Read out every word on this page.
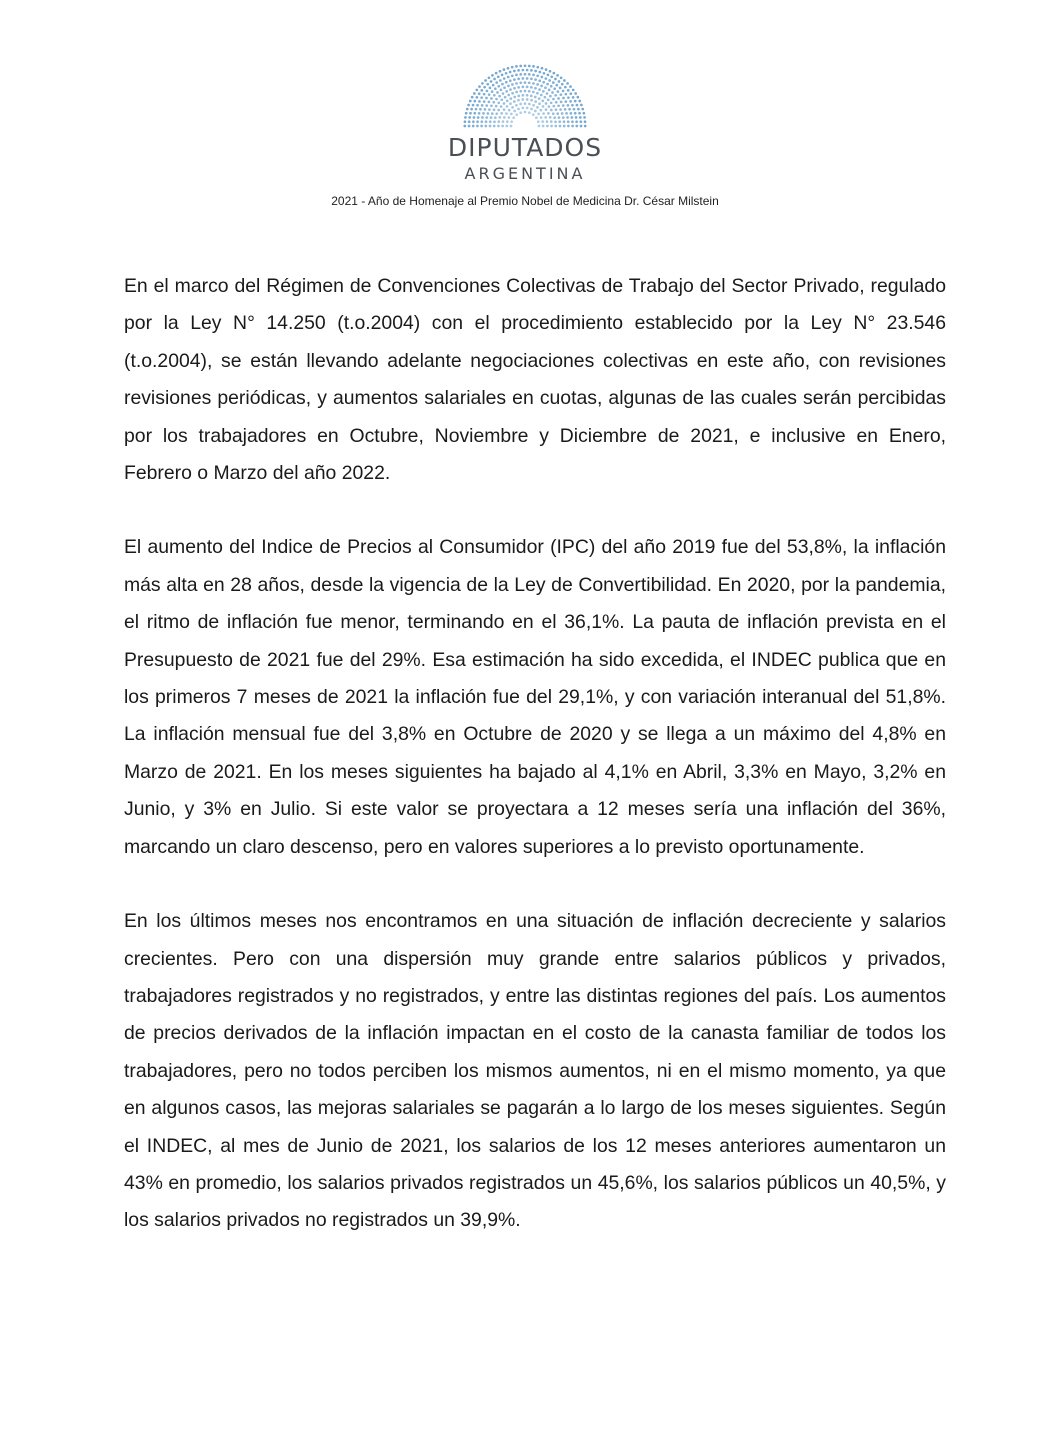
DIPUTADOS
ARGENTINA
2021 - Año de Homenaje al Premio Nobel de Medicina Dr. César Milstein

En el marco del Régimen de Convenciones Colectivas de Trabajo del Sector Privado, regulado por la Ley N° 14.250 (t.o.2004) con el procedimiento establecido por la Ley N° 23.546 (t.o.2004), se están llevando adelante negociaciones colectivas en este año, con revisiones revisiones periódicas, y aumentos salariales en cuotas, algunas de las cuales serán percibidas por los trabajadores en Octubre, Noviembre y Diciembre de 2021, e inclusive en Enero, Febrero o Marzo del año 2022.

El aumento del Indice de Precios al Consumidor (IPC) del año 2019 fue del 53,8%, la inflación más alta en 28 años, desde la vigencia de la Ley de Convertibilidad. En 2020, por la pandemia, el ritmo de inflación fue menor, terminando en el 36,1%. La pauta de inflación prevista en el Presupuesto de 2021 fue del 29%. Esa estimación ha sido excedida, el INDEC publica que en los primeros 7 meses de 2021 la inflación fue del 29,1%, y con variación interanual del 51,8%. La inflación mensual fue del 3,8% en Octubre de 2020 y se llega a un máximo del 4,8% en Marzo de 2021. En los meses siguientes ha bajado al 4,1% en Abril, 3,3% en Mayo, 3,2% en Junio, y 3% en Julio. Si este valor se proyectara a 12 meses sería una inflación del 36%, marcando un claro descenso, pero en valores superiores a lo previsto oportunamente.

En los últimos meses nos encontramos en una situación de inflación decreciente y salarios crecientes. Pero con una dispersión muy grande entre salarios públicos y privados, trabajadores registrados y no registrados, y entre las distintas regiones del país. Los aumentos de precios derivados de la inflación impactan en el costo de la canasta familiar de todos los trabajadores, pero no todos perciben los mismos aumentos, ni en el mismo momento, ya que en algunos casos, las mejoras salariales se pagarán a lo largo de los meses siguientes. Según el INDEC, al mes de Junio de 2021, los salarios de los 12 meses anteriores aumentaron un 43% en promedio, los salarios privados registrados un 45,6%, los salarios públicos un 40,5%, y los salarios privados no registrados un 39,9%.
